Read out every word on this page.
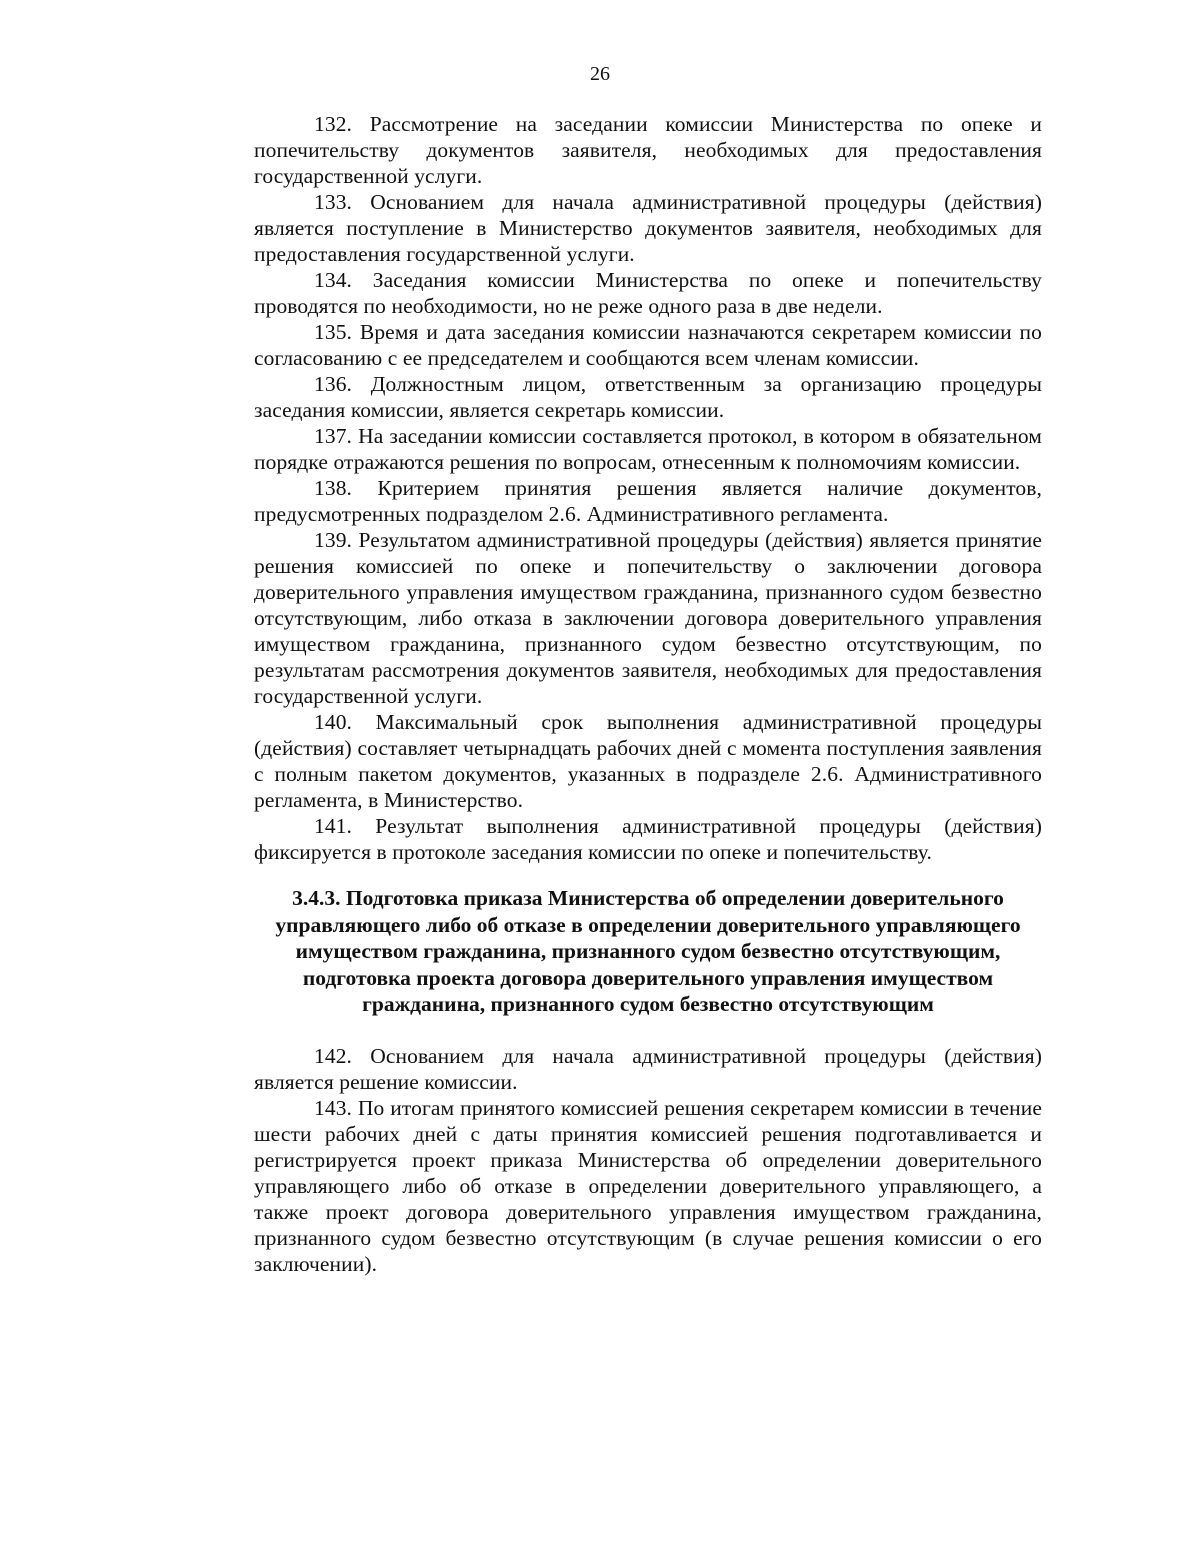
26

132. Рассмотрение на заседании комиссии Министерства по опеке и попечительству документов заявителя, необходимых для предоставления государственной услуги.

133. Основанием для начала административной процедуры (действия) является поступление в Министерство документов заявителя, необходимых для предоставления государственной услуги.

134. Заседания комиссии Министерства по опеке и попечительству проводятся по необходимости, но не реже одного раза в две недели.

135. Время и дата заседания комиссии назначаются секретарем комиссии по согласованию с ее председателем и сообщаются всем членам комиссии.

136. Должностным лицом, ответственным за организацию процедуры заседания комиссии, является секретарь комиссии.

137. На заседании комиссии составляется протокол, в котором в обязательном порядке отражаются решения по вопросам, отнесенным к полномочиям комиссии.

138. Критерием принятия решения является наличие документов, предусмотренных подразделом 2.6. Административного регламента.

139. Результатом административной процедуры (действия) является принятие решения комиссией по опеке и попечительству о заключении договора доверительного управления имуществом гражданина, признанного судом безвестно отсутствующим, либо отказа в заключении договора доверительного управления имуществом гражданина, признанного судом безвестно отсутствующим, по результатам рассмотрения документов заявителя, необходимых для предоставления государственной услуги.

140. Максимальный срок выполнения административной процедуры (действия) составляет четырнадцать рабочих дней с момента поступления заявления с полным пакетом документов, указанных в подразделе 2.6. Административного регламента, в Министерство.

141. Результат выполнения административной процедуры (действия) фиксируется в протоколе заседания комиссии по опеке и попечительству.

3.4.3. Подготовка приказа Министерства об определении доверительного управляющего либо об отказе в определении доверительного управляющего имуществом гражданина, признанного судом безвестно отсутствующим, подготовка проекта договора доверительного управления имуществом гражданина, признанного судом безвестно отсутствующим

142. Основанием для начала административной процедуры (действия) является решение комиссии.

143. По итогам принятого комиссией решения секретарем комиссии в течение шести рабочих дней с даты принятия комиссией решения подготавливается и регистрируется проект приказа Министерства об определении доверительного управляющего либо об отказе в определении доверительного управляющего, а также проект договора доверительного управления имуществом гражданина, признанного судом безвестно отсутствующим (в случае решения комиссии о его заключении).
